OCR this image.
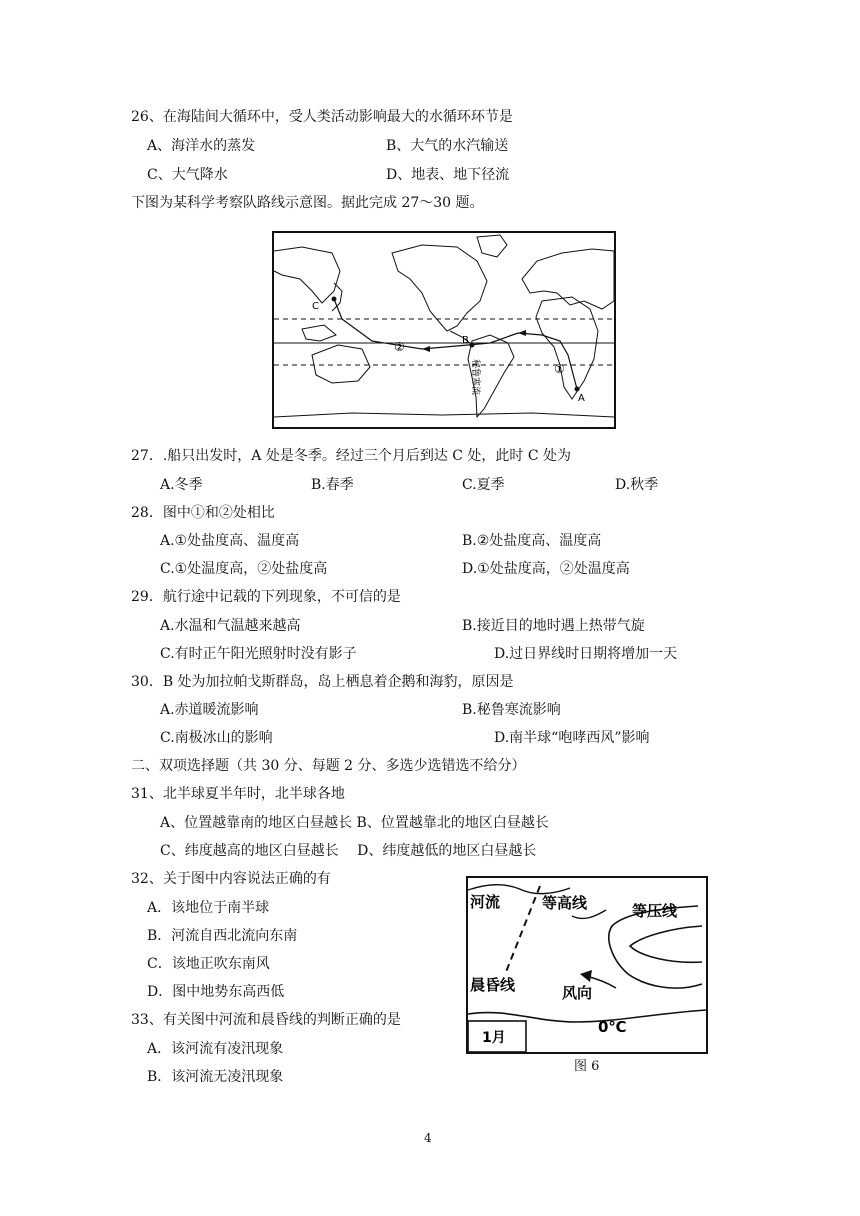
26、在海陆间大循环中，受人类活动影响最大的水循环环节是
A、海洋水的蒸发	B、大气的水汽输送
C、大气降水	D、地表、地下径流
下图为某科学考察队路线示意图。据此完成 27～30 题。
C
B
A
②
①
秘鲁寒流
27．.船只出发时，A 处是冬季。经过三个月后到达 C 处，此时 C 处为
A.冬季	B.春季	C.夏季	D.秋季
28．图中①和②处相比
A.①处盐度高、温度高	B.②处盐度高、温度高
C.①处温度高，②处盐度高	D.①处盐度高，②处温度高
29．航行途中记载的下列现象，不可信的是
A.水温和气温越来越高	B.接近目的地时遇上热带气旋
C.有时正午阳光照射时没有影子	D.过日界线时日期将增加一天
30．B 处为加拉帕戈斯群岛，岛上栖息着企鹅和海豹，原因是
A.赤道暖流影响	B.秘鲁寒流影响
C.南极冰山的影响	D.南半球“咆哮西风”影响
二、双项选择题（共 30 分、每题 2 分、多选少选错选不给分）
31、北半球夏半年时，北半球各地
A、位置越靠南的地区白昼越长 B、位置越靠北的地区白昼越长
C、纬度越高的地区白昼越长　 D、纬度越低的地区白昼越长
32、关于图中内容说法正确的有
A．该地位于南半球
B．河流自西北流向东南
C．该地正吹东南风
D．图中地势东高西低
33、有关图中河流和晨昏线的判断正确的是
A．该河流有凌汛现象
B．该河流无凌汛现象
河流	等高线	等压线
晨昏线	风向
0℃
1月
图 6
4
